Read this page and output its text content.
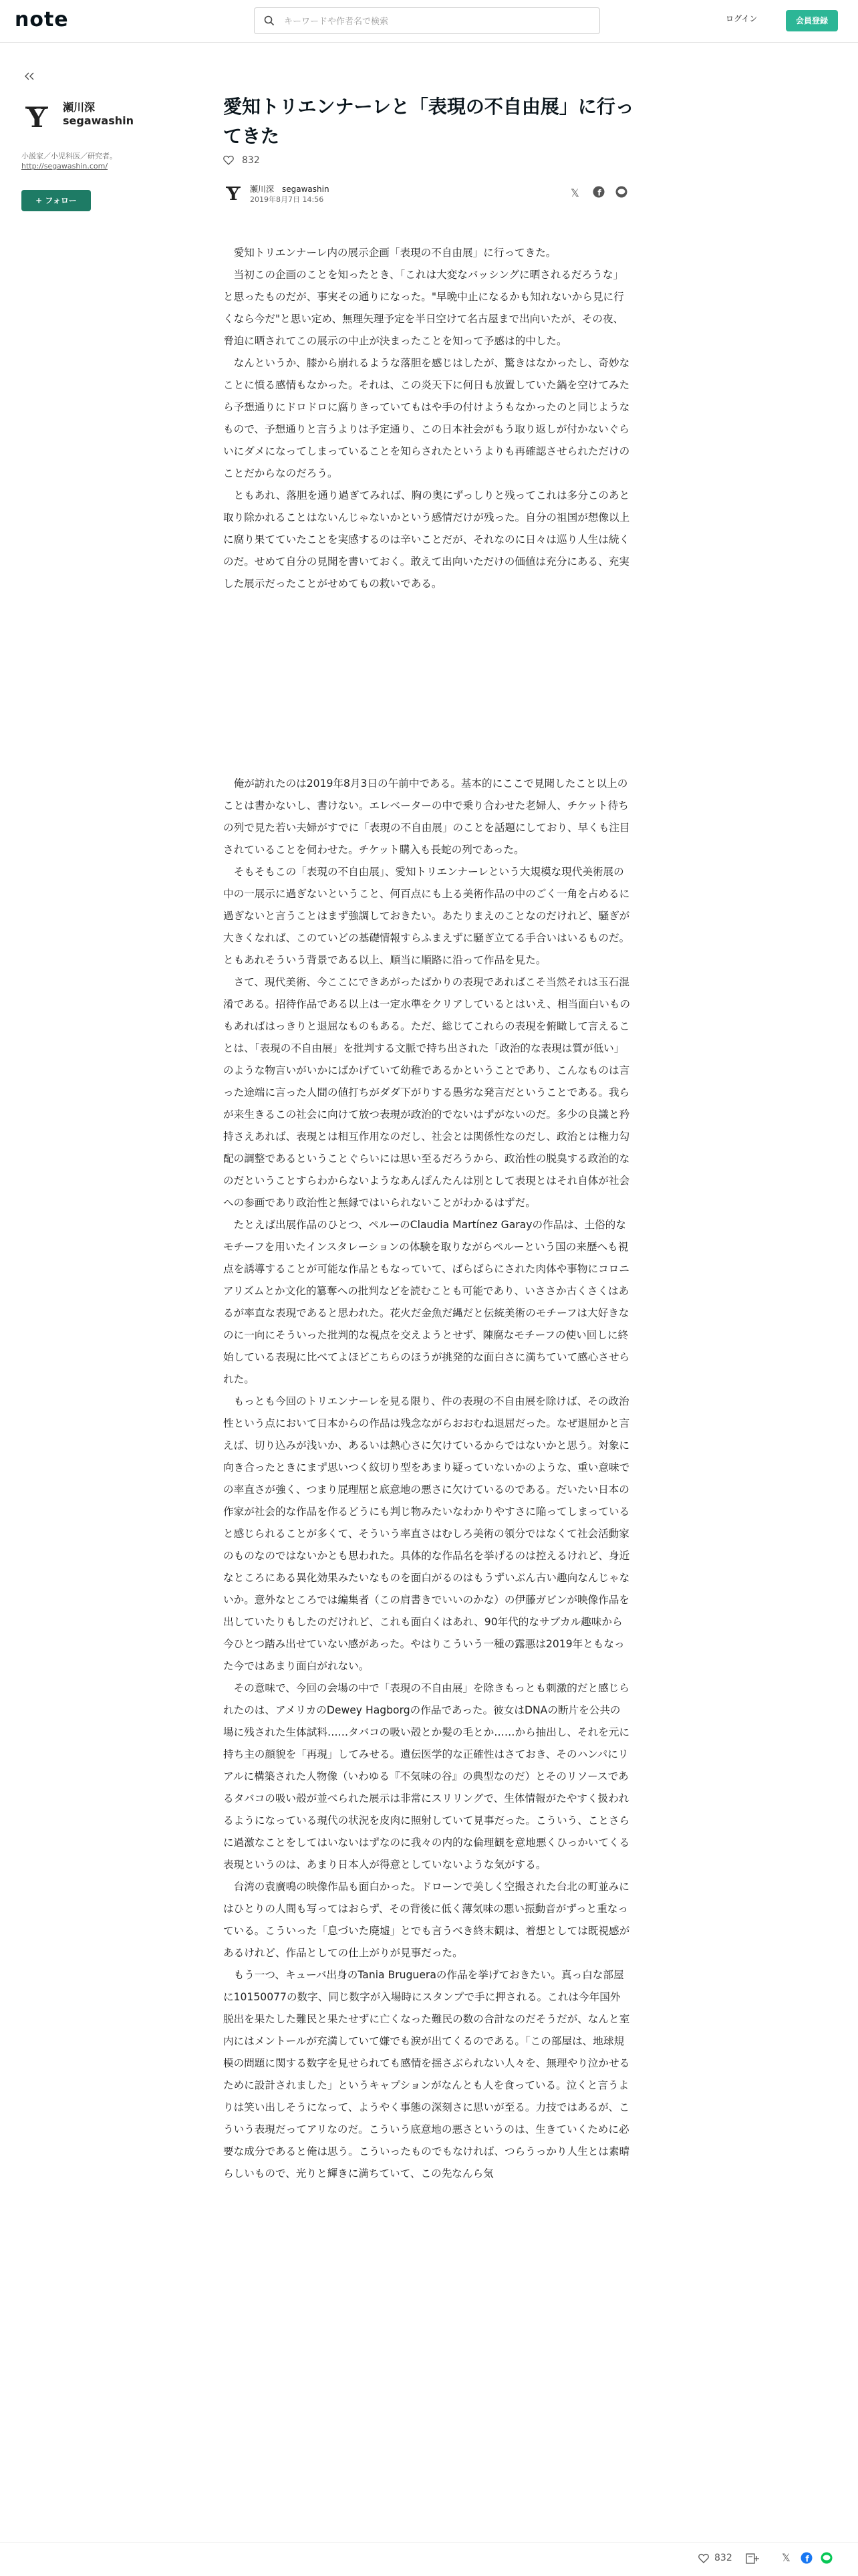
note
キーワードや作者名で検索	ログイン	会員登録
Y 瀬川深
segawashin
小説家／小児科医／研究者。
http://segawashin.com/
+ フォロー
愛知トリエンナーレと「表現の不自由展」に行ってきた
832
Y 瀬川深　segawashin
2019年8月7日 14:56
𝕏 f

愛知トリエンナーレ内の展示企画「表現の不自由展」に行ってきた。

当初この企画のことを知ったとき、「これは大変なバッシングに晒されるだろうな」と思ったものだが、事実その通りになった。"早晩中止になるかも知れないから見に行くなら今だ"と思い定め、無理矢理予定を半日空けて名古屋まで出向いたが、その夜、脅迫に晒されてこの展示の中止が決まったことを知って予感は的中した。

なんというか、膝から崩れるような落胆を感じはしたが、驚きはなかったし、奇妙なことに憤る感情もなかった。それは、この炎天下に何日も放置していた鍋を空けてみたら予想通りにドロドロに腐りきっていてもはや手の付けようもなかったのと同じようなもので、予想通りと言うよりは予定通り、この日本社会がもう取り返しが付かないぐらいにダメになってしまっていることを知らされたというよりも再確認させられただけのことだからなのだろう。

ともあれ、落胆を通り過ぎてみれば、胸の奥にずっしりと残ってこれは多分このあと取り除かれることはないんじゃないかという感情だけが残った。自分の祖国が想像以上に腐り果てていたことを実感するのは辛いことだが、それなのに日々は巡り人生は続くのだ。せめて自分の見聞を書いておく。敢えて出向いただけの価値は充分にある、充実した展示だったことがせめてもの救いである。

俺が訪れたのは2019年8月3日の午前中である。基本的にここで見聞したこと以上のことは書かないし、書けない。エレベーターの中で乗り合わせた老婦人、チケット待ちの列で見た若い夫婦がすでに「表現の不自由展」のことを話題にしており、早くも注目されていることを伺わせた。チケット購入も長蛇の列であった。

そもそもこの「表現の不自由展」、愛知トリエンナーレという大規模な現代美術展の中の一展示に過ぎないということ、何百点にも上る美術作品の中のごく一角を占めるに過ぎないと言うことはまず強調しておきたい。あたりまえのことなのだけれど、騒ぎが大きくなれば、このていどの基礎情報すらふまえずに騒ぎ立てる手合いはいるものだ。ともあれそういう背景である以上、順当に順路に沿って作品を見た。

さて、現代美術、今ここにできあがったばかりの表現であればこそ当然それは玉石混淆である。招待作品である以上は一定水準をクリアしているとはいえ、相当面白いものもあればはっきりと退屈なものもある。ただ、総じてこれらの表現を俯瞰して言えることは、「表現の不自由展」を批判する文脈で持ち出された「政治的な表現は質が低い」のような物言いがいかにばかげていて幼稚であるかということであり、こんなものは言った途端に言った人間の値打ちがダダ下がりする愚劣な発言だということである。我らが来生きるこの社会に向けて放つ表現が政治的でないはずがないのだ。多少の良識と矜持さえあれば、表現とは相互作用なのだし、社会とは関係性なのだし、政治とは権力勾配の調整であるということぐらいには思い至るだろうから、政治性の脱臭する政治的なのだということすらわからないようなあんぽんたんは別として表現とはそれ自体が社会への参画であり政治性と無縁ではいられないことがわかるはずだ。

たとえば出展作品のひとつ、ペルーのClaudia Martínez Garayの作品は、土俗的なモチーフを用いたインスタレーションの体験を取りながらペルーという国の来歴へも視点を誘導することが可能な作品ともなっていて、ばらばらにされた肉体や事物にコロニアリズムとか文化的簒奪への批判などを読むことも可能であり、いささか古くさくはあるが率直な表現であると思われた。花火だ金魚だ縄だと伝統美術のモチーフは大好きなのに一向にそういった批判的な視点を交えようとせず、陳腐なモチーフの使い回しに終始している表現に比べてよほどこちらのほうが挑発的な面白さに満ちていて感心させられた。

もっとも今回のトリエンナーレを見る限り、件の表現の不自由展を除けば、その政治性という点において日本からの作品は残念ながらおおむね退屈だった。なぜ退屈かと言えば、切り込みが浅いか、あるいは熱心さに欠けているからではないかと思う。対象に向き合ったときにまず思いつく紋切り型をあまり疑っていないかのような、重い意味での率直さが強く、つまり屁理屈と底意地の悪さに欠けているのである。だいたい日本の作家が社会的な作品を作るどうにも判じ物みたいなわかりやすさに陥ってしまっていると感じられることが多くて、そういう率直さはむしろ美術の領分ではなくて社会活動家のものなのではないかとも思われた。具体的な作品名を挙げるのは控えるけれど、身近なところにある異化効果みたいなものを面白がるのはもうずいぶん古い趣向なんじゃないか。意外なところでは編集者（この肩書きでいいのかな）の伊藤ガビンが映像作品を出していたりもしたのだけれど、これも面白くはあれ、90年代的なサブカル趣味から今ひとつ踏み出せていない感があった。やはりこういう一種の露悪は2019年ともなった今ではあまり面白がれない。

その意味で、今回の会場の中で「表現の不自由展」を除きもっとも刺激的だと感じられたのは、アメリカのDewey Hagborgの作品であった。彼女はDNAの断片を公共の場に残された生体試料……タバコの吸い殻とか髪の毛とか……から抽出し、それを元に持ち主の顔貌を「再現」してみせる。遺伝医学的な正確性はさておき、そのハンパにリアルに構築された人物像（いわゆる『不気味の谷』の典型なのだ）とそのリソースであるタバコの吸い殻が並べられた展示は非常にスリリングで、生体情報がたやすく扱われるようになっている現代の状況を皮肉に照射していて見事だった。こういう、ことさらに過激なことをしてはいないはずなのに我々の内的な倫理観を意地悪くひっかいてくる表現というのは、あまり日本人が得意としていないような気がする。

台湾の袁廣鳴の映像作品も面白かった。ドローンで美しく空撮された台北の町並みにはひとりの人間も写ってはおらず、その背後に低く薄気味の悪い振動音がずっと重なっている。こういった「息づいた廃墟」とでも言うべき終末観は、着想としては既視感があるけれど、作品としての仕上がりが見事だった。

もう一つ、キューバ出身のTania Brugueraの作品を挙げておきたい。真っ白な部屋に10150077の数字、同じ数字が入場時にスタンプで手に押される。これは今年国外脱出を果たした難民と果たせずに亡くなった難民の数の合計なのだそうだが、なんと室内にはメントールが充満していて嫌でも涙が出てくるのである。「この部屋は、地球規模の問題に関する数字を見せられても感情を揺さぶられない人々を、無理やり泣かせるために設計されました」というキャプションがなんとも人を食っている。泣くと言うよりは笑い出しそうになって、ようやく事態の深刻さに思いが至る。力技ではあるが、こういう表現だってアリなのだ。こういう底意地の悪さというのは、生きていくために必要な成分であると俺は思う。こういったものでもなければ、つらうっかり人生とは素晴らしいもので、光りと輝きに満ちていて、この先なんら気

832	𝕏 f
